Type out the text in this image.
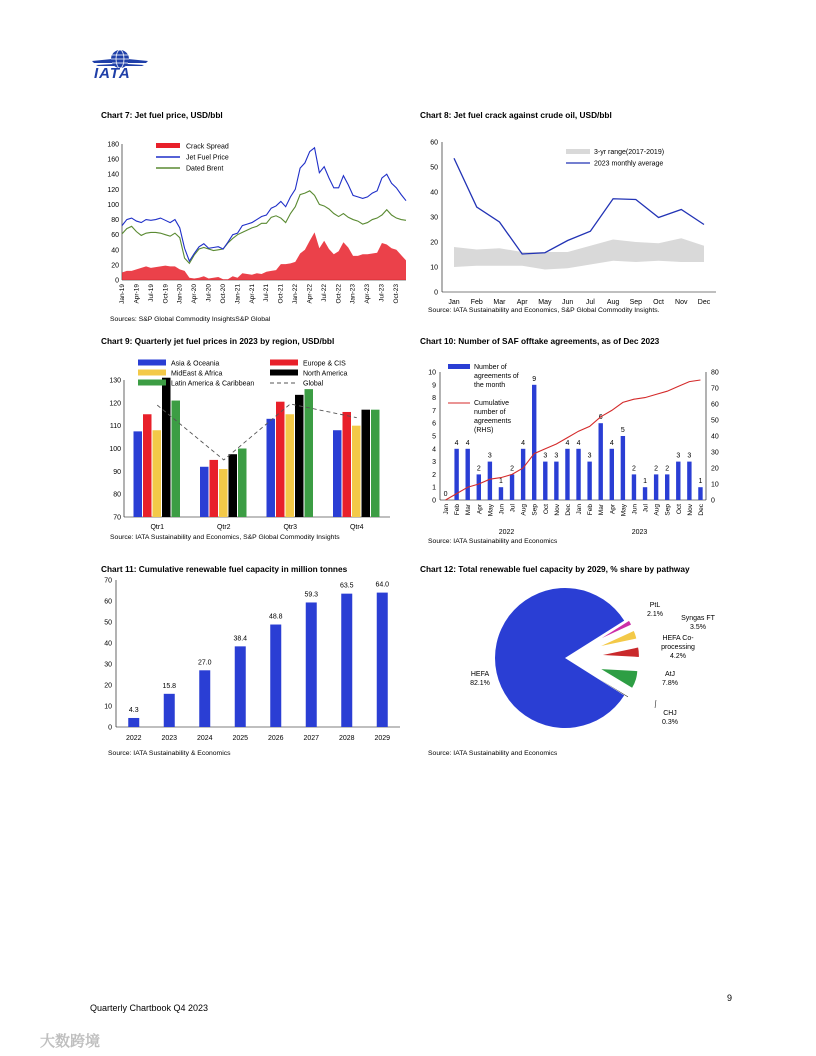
IATA
Chart 7: Jet fuel price, USD/bbl	Chart 8: Jet fuel crack against crude oil, USD/bbl
Chart 9: Quarterly jet fuel prices in 2023 by region, USD/bbl	Chart 10: Number of SAF offtake agreements, as of Dec 2023
Chart 11: Cumulative renewable fuel capacity in million tonnes	Chart 12: Total renewable fuel capacity by 2029, % share by pathway
Sources: S&P Global Commodity InsightsS&P Global
Source: IATA Sustainability and Economics, S&P Global Commodity Insights.
Source: IATA Sustainability and Economics, S&P Global Commodity Insights
Source: IATA Sustainability and Economics
Source: IATA Sustainability & Economics	Source: IATA Sustainability and Economics
0
20
40
60
80
100
120
140
160
180
Jan-19 Apr-19 Jul-19 Oct-19 Jan-20 Apr-20 Jul-20 Oct-20 Jan-21 Apr-21 Jul-21 Oct-21 Jan-22 Apr-22 Jul-22 Oct-22 Jan-23 Apr-23 Jul-23 Oct-23
Crack Spread
Jet Fuel Price
Dated Brent
0
10
20
30
40
50
60
Jan Feb Mar Apr May Jun Jul Aug Sep Oct Nov Dec
3-yr range(2017-2019)
2023 monthly average
70
80
90
100
110
120
130
Qtr1	Qtr2	Qtr3	Qtr4
Asia & Oceania	Europe & CIS
MidEast & Africa	North America
Latin America & Caribbean	Global
0
1
2
3
4
5
6
7
8
9
10
0
10
20
30
40
50
60
70
80
0
4 4
2
3
1
2
4
9
3 3
4 4
3
6
4
5
2
1
2 2
3 3
1
Jan Feb Mar Apr May Jun Jul Aug Sep Oct Nov Dec Jan Feb Mar Apr May Jun Jul Aug Sep Oct Nov Dec
2022	2023
Number of
agreements of
the month
Cumulative
number of
agreements
(RHS)
0
10
20
30
40
50
60
70
4.3
2022
15.8
2023
27.0
2024
38.4
2025
48.8
2026
59.3
2027
63.5
2028
64.0
2029
HEFA
82.1%
PtL
2.1%
Syngas FT
3.5%
HEFA Co-
processing
4.2%
AtJ
7.8%
CHJ
0.3%
Quarterly Chartbook Q4 2023
9
大数跨境
